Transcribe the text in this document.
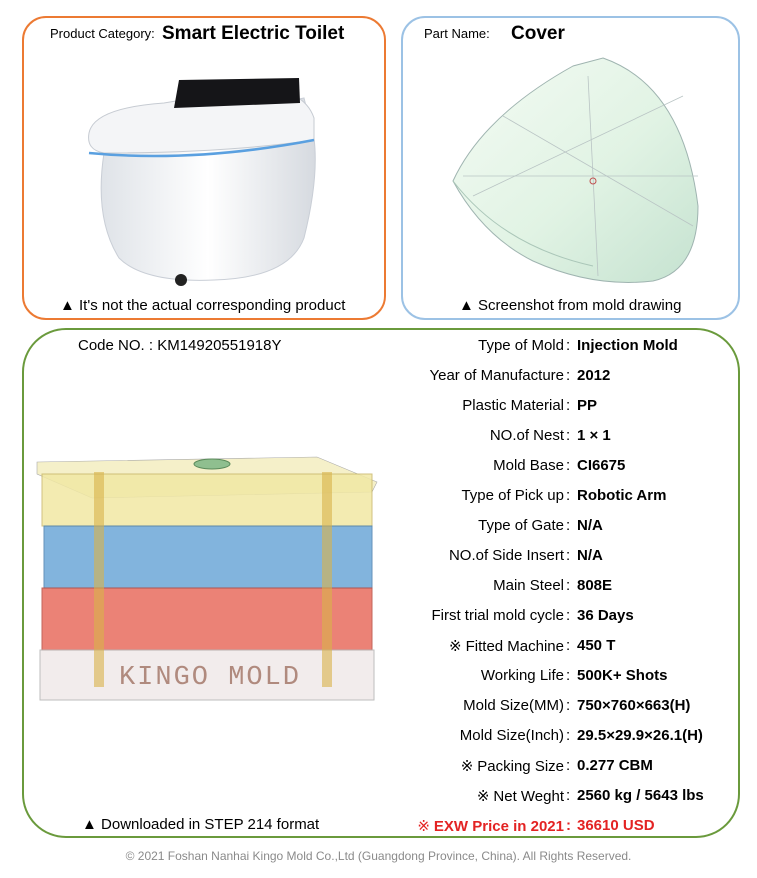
Product Category: Smart Electric Toilet
▲ It's not the actual corresponding product
Part Name: Cover
▲ Screenshot from mold drawing
Code NO. : KM14920551918Y
KINGO MOLD
▲ Downloaded in STEP 214 format
Type of Mold : Injection Mold
Year of Manufacture : 2012
Plastic Material : PP
NO.of Nest : 1 × 1
Mold Base : CI6675
Type of Pick up : Robotic Arm
Type of Gate : N/A
NO.of Side Insert : N/A
Main Steel : 808E
First trial mold cycle : 36 Days
※ Fitted Machine : 450 T
Working Life : 500K+ Shots
Mold Size(MM) : 750×760×663(H)
Mold Size(Inch) : 29.5×29.9×26.1(H)
※ Packing Size : 0.277 CBM
※ Net Weght : 2560 kg / 5643 lbs
※ EXW Price in 2021 : 36610 USD
© 2021 Foshan Nanhai Kingo Mold Co.,Ltd (Guangdong Province, China). All Rights Reserved.
